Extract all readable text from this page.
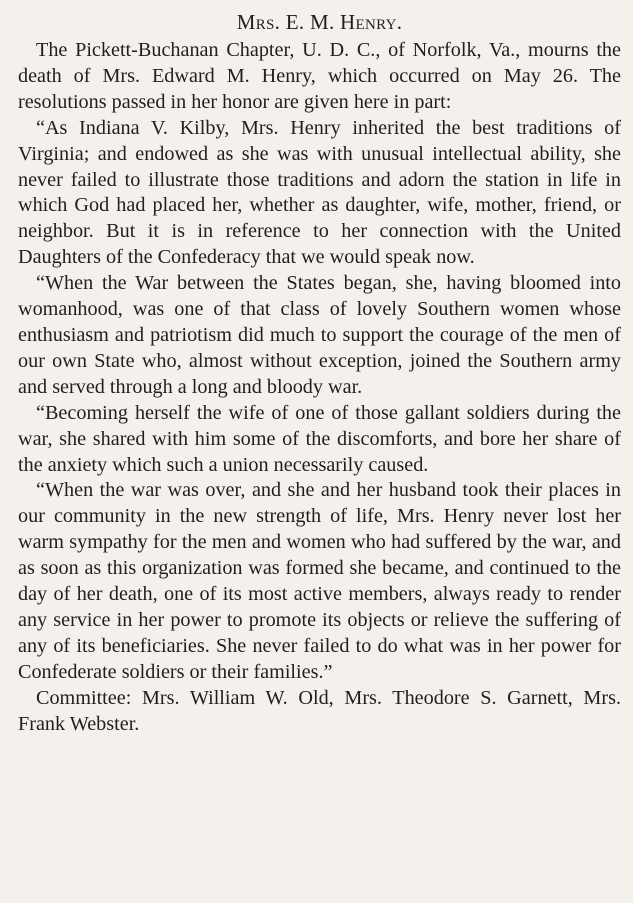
Mrs. E. M. Henry.

The Pickett-Buchanan Chapter, U. D. C., of Norfolk, Va., mourns the death of Mrs. Edward M. Henry, which occurred on May 26. The resolutions passed in her honor are given here in part:

“As Indiana V. Kilby, Mrs. Henry inherited the best traditions of Virginia; and endowed as she was with unusual intellectual ability, she never failed to illustrate those traditions and adorn the station in life in which God had placed her, whether as daughter, wife, mother, friend, or neighbor. But it is in reference to her connection with the United Daughters of the Confederacy that we would speak now.

“When the War between the States began, she, having bloomed into womanhood, was one of that class of lovely Southern women whose enthusiasm and patriotism did much to support the courage of the men of our own State who, almost without exception, joined the Southern army and served through a long and bloody war.

“Becoming herself the wife of one of those gallant soldiers during the war, she shared with him some of the discomforts, and bore her share of the anxiety which such a union necessarily caused.

“When the war was over, and she and her husband took their places in our community in the new strength of life, Mrs. Henry never lost her warm sympathy for the men and women who had suffered by the war, and as soon as this organization was formed she became, and continued to the day of her death, one of its most active members, always ready to render any service in her power to promote its objects or relieve the suffering of any of its beneficiaries. She never failed to do what was in her power for Confederate soldiers or their families.”

Committee: Mrs. William W. Old, Mrs. Theodore S. Garnett, Mrs. Frank Webster.
